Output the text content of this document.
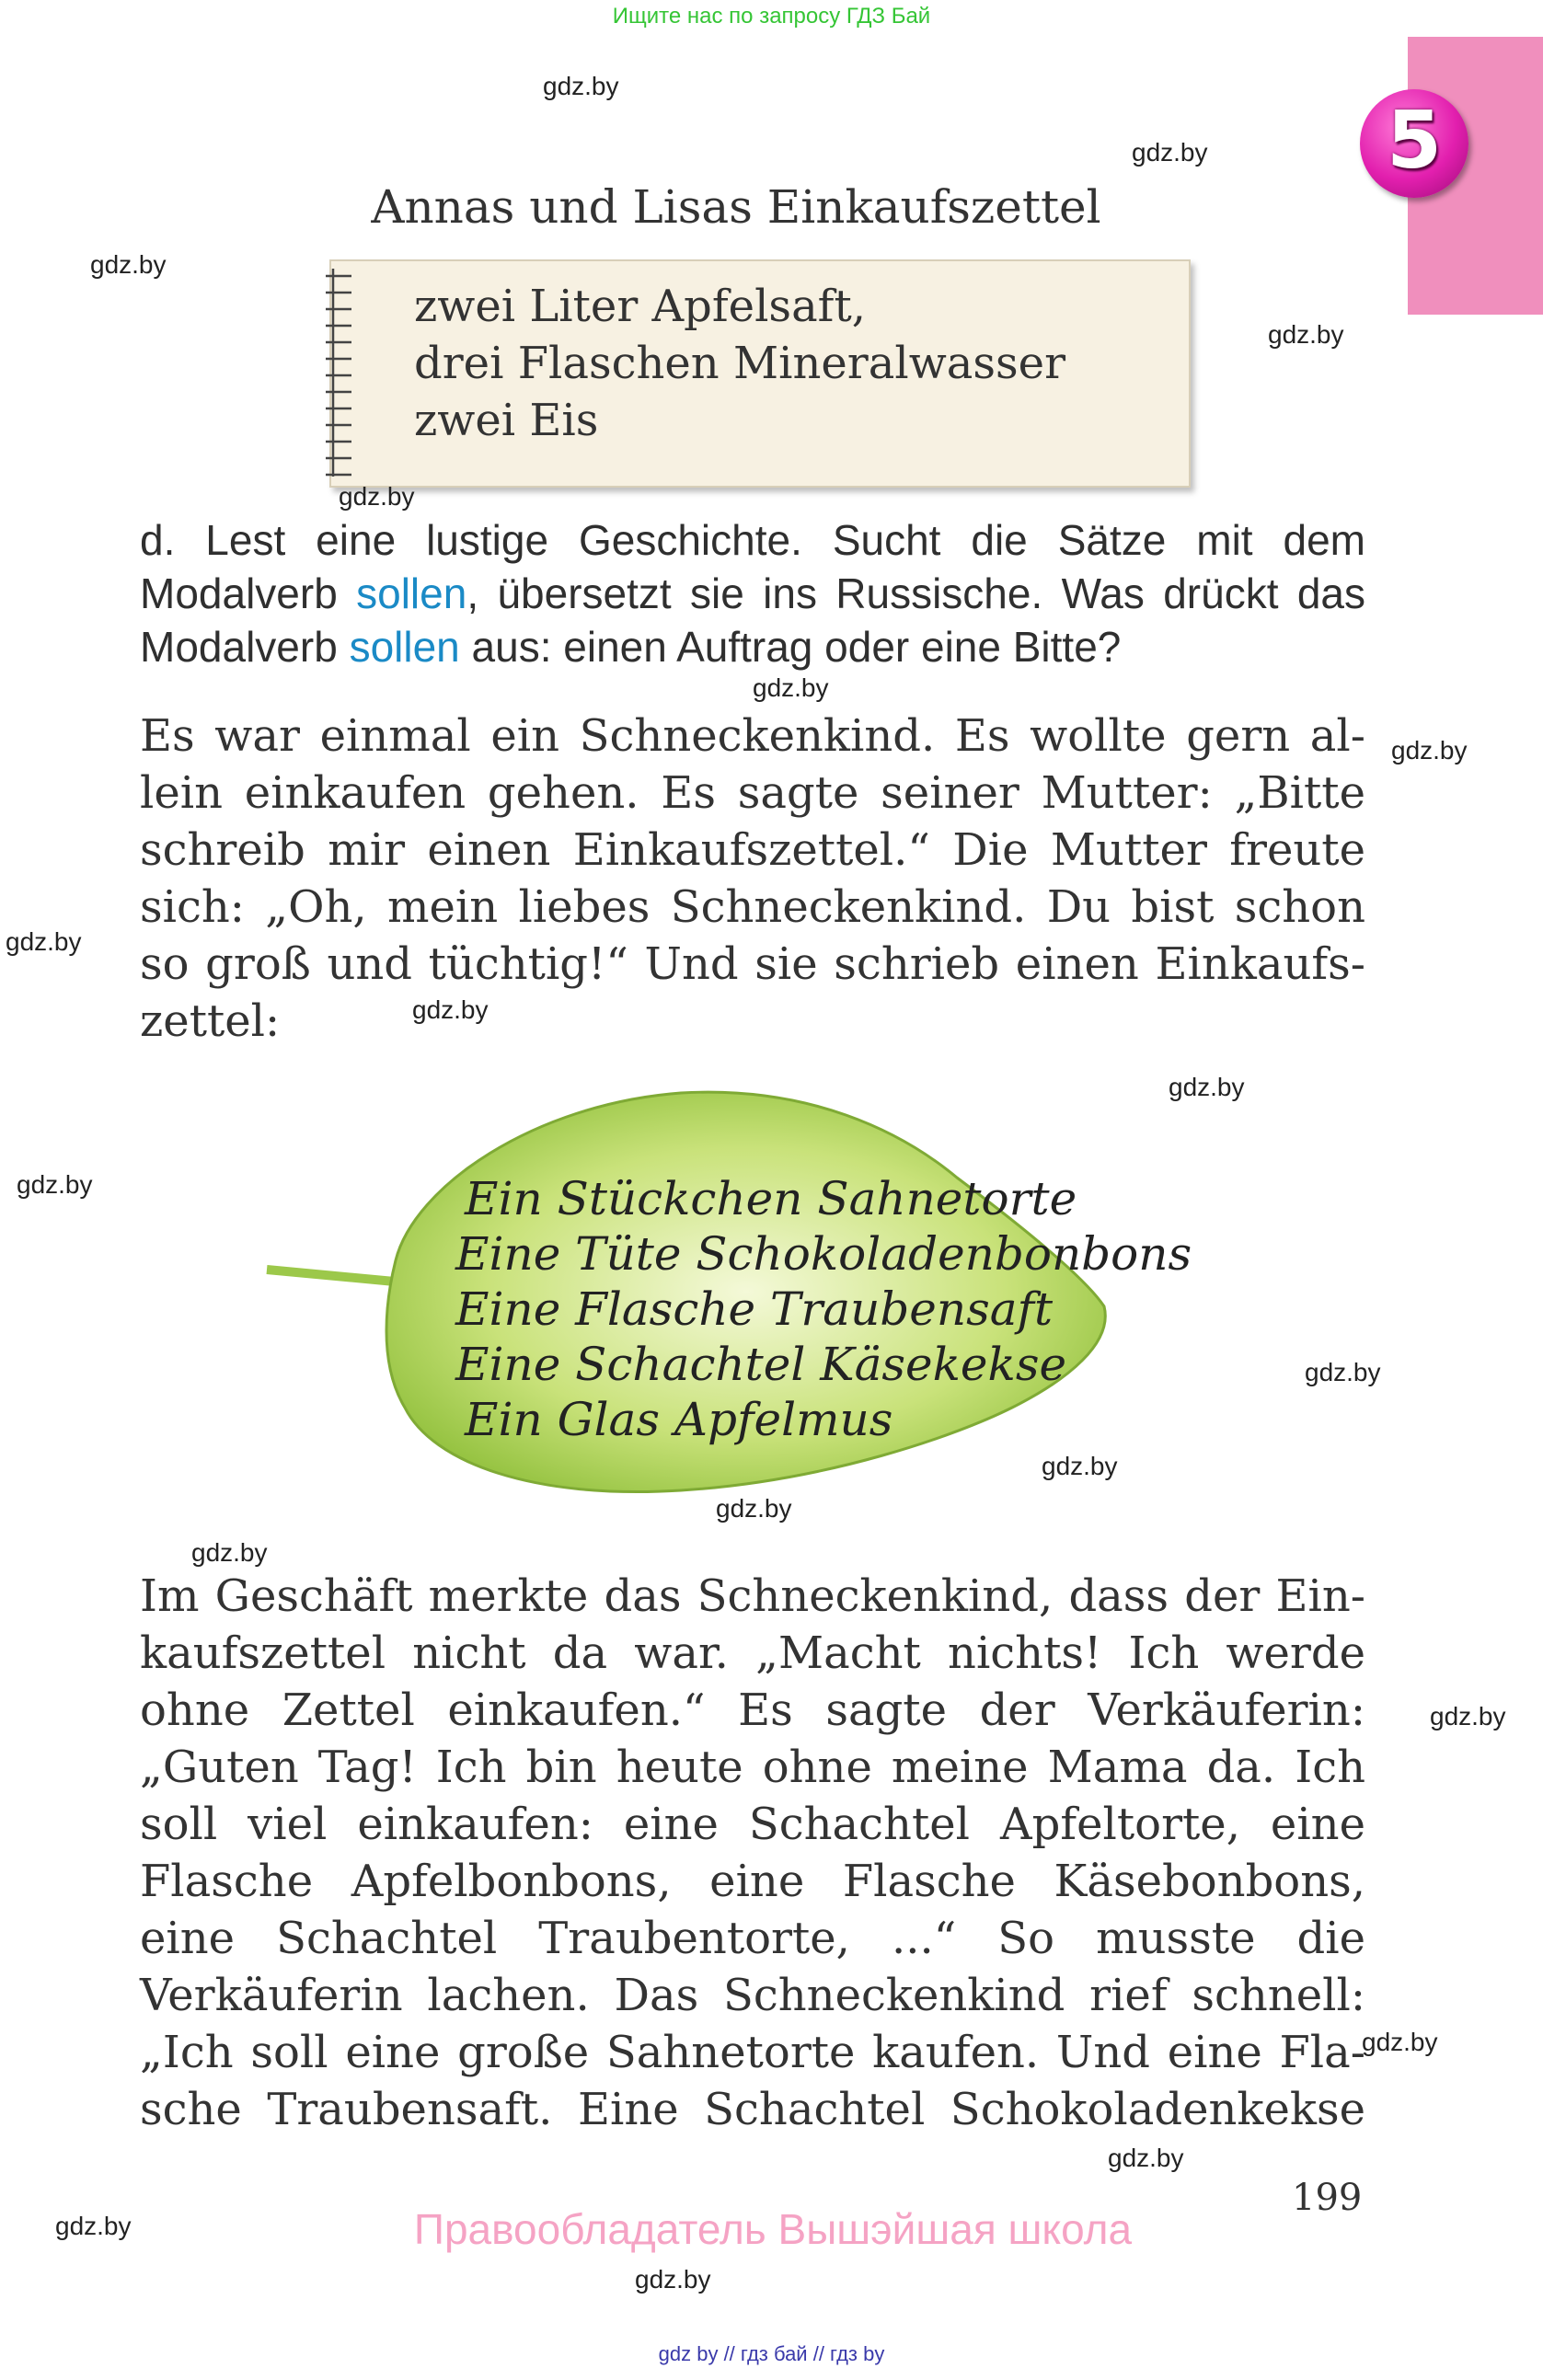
Ищите нас по запросу ГДЗ Бай
5
Annas und Lisas Einkaufszettel
zwei Liter Apfelsaft,
drei Flaschen Mineralwasser
zwei Eis
d. Lest eine lustige Geschichte. Sucht die Sätze mit dem Modalverb sollen, übersetzt sie ins Russische. Was drückt das Modalverb sollen aus: einen Auftrag oder eine Bitte?
Es war einmal ein Schneckenkind. Es wollte gern al-
lein einkaufen gehen. Es sagte seiner Mutter: „Bitte
schreib mir einen Einkaufszettel.“ Die Mutter freute
sich: „Oh, mein liebes Schneckenkind. Du bist schon
so groß und tüchtig!“ Und sie schrieb einen Einkaufs-
zettel:
Ein Stückchen Sahnetorte
Eine Tüte Schokoladenbonbons
Eine Flasche Traubensaft
Eine Schachtel Käsekekse
Ein Glas Apfelmus
Im Geschäft merkte das Schneckenkind, dass der Ein-
kaufszettel nicht da war. „Macht nichts! Ich werde
ohne Zettel einkaufen.“ Es sagte der Verkäuferin:
„Guten Tag! Ich bin heute ohne meine Mama da. Ich
soll viel einkaufen: eine Schachtel Apfeltorte, eine
Flasche Apfelbonbons, eine Flasche Käsebonbons,
eine Schachtel Traubentorte, ...“ So musste die
Verkäuferin lachen. Das Schneckenkind rief schnell:
„Ich soll eine große Sahnetorte kaufen. Und eine Fla-
sche Traubensaft. Eine Schachtel Schokoladenkekse
199
Правообладатель Вышэйшая школа
gdz.by
gdz.by
gdz.by
gdz.by
gdz.by
gdz.by
gdz.by
gdz.by
gdz.by
gdz.by
gdz.by
gdz.by
gdz.by
gdz.by
gdz.by
gdz.by
gdz.by
gdz.by
gdz.by
gdz.by
gdz by // гдз бай // гдз by
